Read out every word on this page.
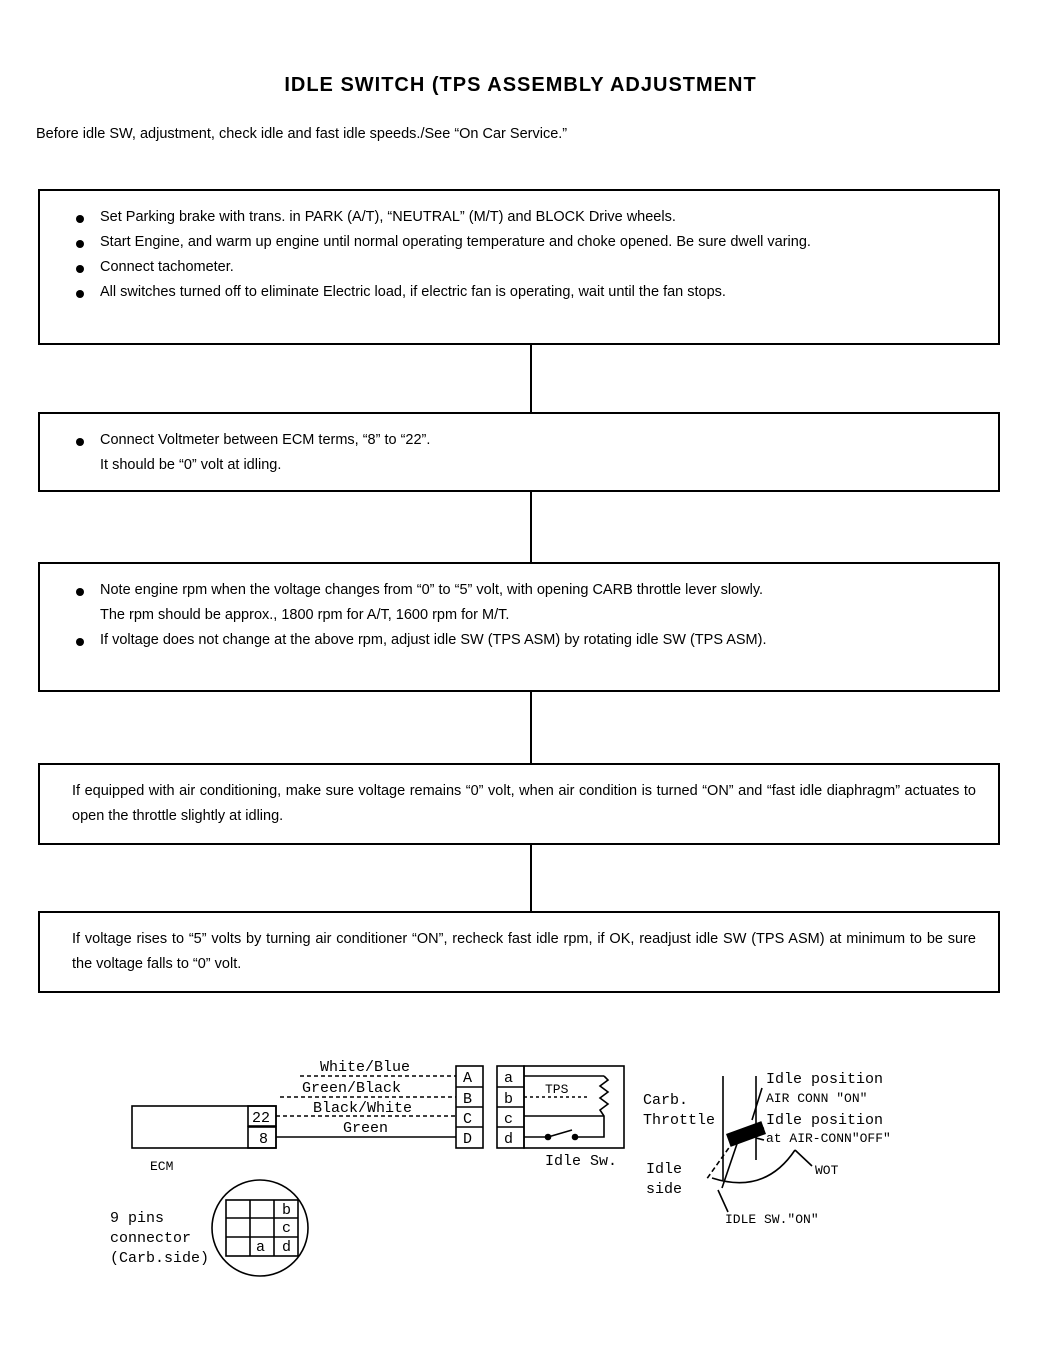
IDLE SWITCH (TPS ASSEMBLY ADJUSTMENT
Before idle SW, adjustment, check idle and fast idle speeds./See “On Car Service.”
Set Parking brake with trans. in PARK (A/T), “NEUTRAL” (M/T) and BLOCK Drive wheels.
Start Engine, and warm up engine until normal operating temperature and choke opened. Be sure dwell varing.
Connect tachometer.
All switches turned off to eliminate Electric load, if electric fan is operating, wait until the fan stops.
Connect Voltmeter between ECM terms, “8” to “22”.
It should be “0” volt at idling.
Note engine rpm when the voltage changes from “0” to “5” volt, with opening CARB throttle lever slowly.
The rpm should be approx., 1800 rpm for A/T, 1600 rpm for M/T.
If voltage does not change at the above rpm, adjust idle SW (TPS ASM) by rotating idle SW (TPS ASM).
If equipped with air conditioning, make sure voltage remains “0” volt, when air condition is turned “ON” and “fast idle diaphragm” actuates to open the throttle slightly at idling.
If voltage rises to “5” volts by turning air conditioner “ON”, recheck fast idle rpm, if OK, readjust idle SW (TPS ASM) at minimum to be sure the voltage falls to “0” volt.
White/Blue
Green/Black
Black/White
Green
22
8
ECM
A
B
C
D
a
b
c
d
TPS
Idle Sw.
9 pins
connector
(Carb.side)
b
c
a d
Carb.
Throttle
Idle position
AIR CONN "ON"
Idle position
at AIR-CONN"OFF"
WOT
Idle
side
IDLE SW."ON"
